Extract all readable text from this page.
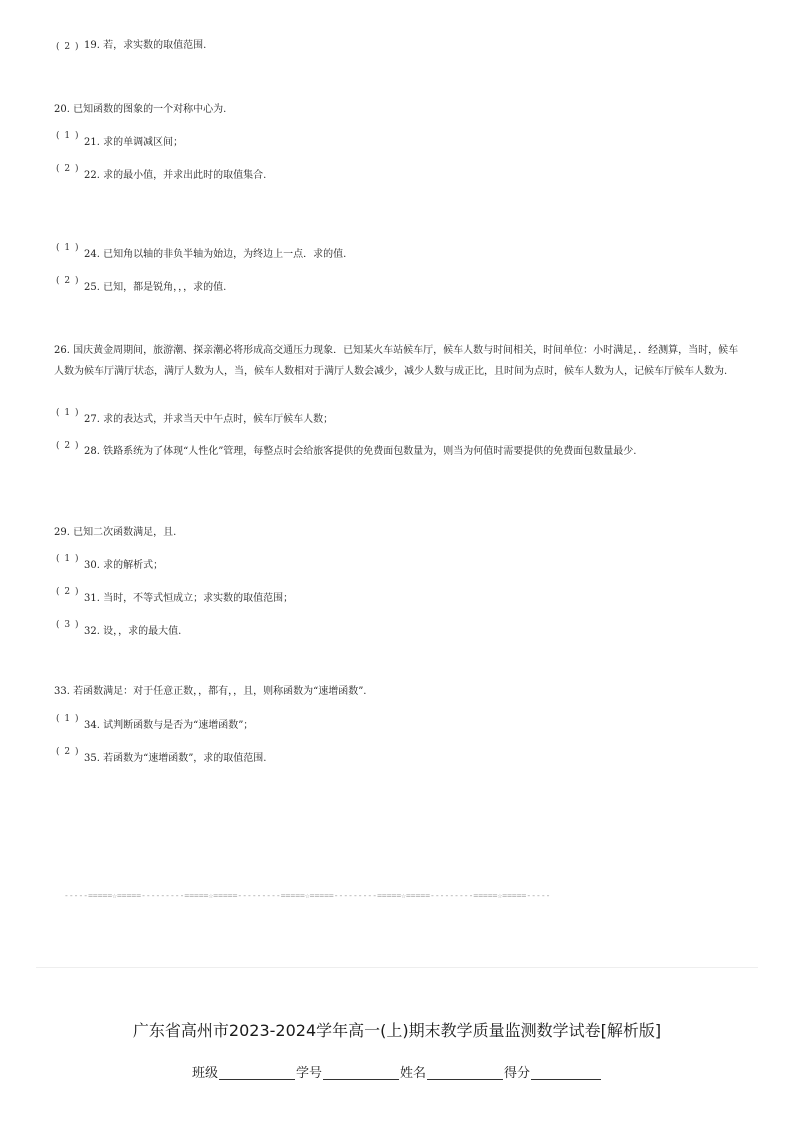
( 2 ) 19. 若，求实数的取值范围.
20. 已知函数的图象的一个对称中心为.
( 1 )
21. 求的单调减区间；
( 2 )
22. 求的最小值，并求出此时的取值集合.
( 1 )
24. 已知角以轴的非负半轴为始边，为终边上一点．求的值.
( 2 )
25. 已知，都是锐角，，，求的值.
26. 国庆黄金周期间，旅游潮、探亲潮必将形成高交通压力现象．已知某火车站候车厅，候车人数与时间相关，时间单位：小时满足，．经测算，当时，候车人数为候车厅满厅状态，满厅人数为人，当，候车人数相对于满厅人数会减少，减少人数与成正比，且时间为点时，候车人数为人，记候车厅候车人数为.
( 1 )
27. 求的表达式，并求当天中午点时，候车厅候车人数；
( 2 ) 28. 铁路系统为了体现“人性化”管理，每整点时会给旅客提供的免费面包数量为，则当为何值时需要提供的免费面包数量最少.
29. 已知二次函数满足，且.
( 1 )
30. 求的解析式；
( 2 )
31. 当时，不等式恒成立；求实数的取值范围；
( 3 )
32. 设，，求的最大值.
33. 若函数满足：对于任意正数，，都有，，且，则称函数为“速增函数”.
( 1 )
34. 试判断函数与是否为“速增函数”；
( 2 )
35. 若函数为“速增函数”，求的取值范围.
-----=====☆=====---------=====☆=====---------=====☆=====---------=====☆=====---------=====☆=====-----
广东省高州市2023-2024学年高一(上)期末教学质量监测数学试卷[解析版]
班级	学号	姓名	得分
